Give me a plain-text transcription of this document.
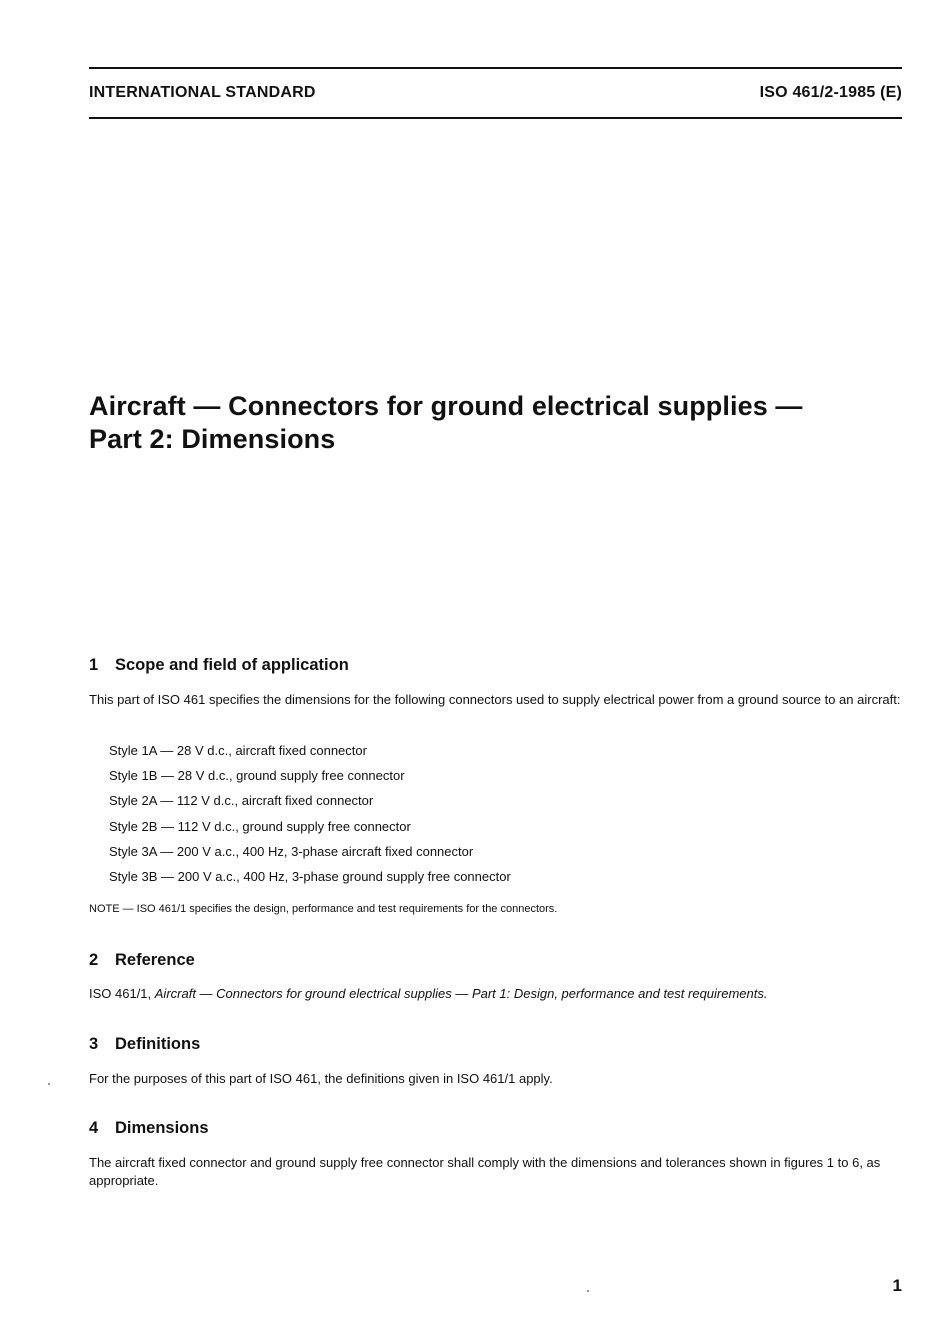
INTERNATIONAL STANDARD	ISO 461/2-1985 (E)
Aircraft — Connectors for ground electrical supplies —
Part 2: Dimensions
1 Scope and field of application
This part of ISO 461 specifies the dimensions for the following connectors used to supply electrical power from a ground source to an aircraft:
Style 1A — 28 V d.c., aircraft fixed connector
Style 1B — 28 V d.c., ground supply free connector
Style 2A — 112 V d.c., aircraft fixed connector
Style 2B — 112 V d.c., ground supply free connector
Style 3A — 200 V a.c., 400 Hz, 3-phase aircraft fixed connector
Style 3B — 200 V a.c., 400 Hz, 3-phase ground supply free connector
NOTE — ISO 461/1 specifies the design, performance and test requirements for the connectors.
2 Reference
ISO 461/1, Aircraft — Connectors for ground electrical supplies — Part 1: Design, performance and test requirements.
3 Definitions
For the purposes of this part of ISO 461, the definitions given in ISO 461/1 apply.
4 Dimensions
The aircraft fixed connector and ground supply free connector shall comply with the dimensions and tolerances shown in figures 1 to 6, as appropriate.
1
